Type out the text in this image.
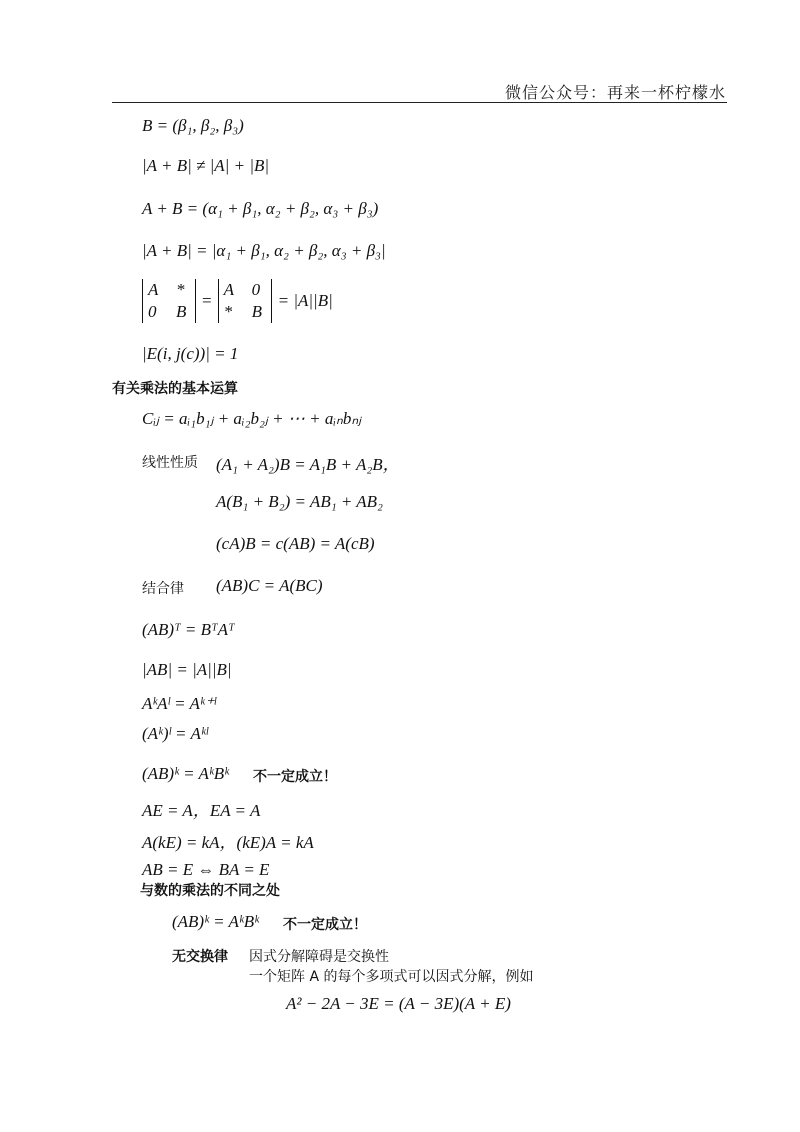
微信公众号：再来一杯柠檬水
B = (β₁, β₂, β₃)
|A + B| ≠ |A| + |B|
A + B = (α₁ + β₁, α₂ + β₂, α₃ + β₃)
|A + B| = |α₁ + β₁, α₂ + β₂, α₃ + β₃|
A *
0	B
=
A 0
*	B
= |A||B|
|E(i, j(c))| = 1
有关乘法的基本运算
Cᵢⱼ = aᵢ₁b₁ⱼ + aᵢ₂b₂ⱼ + ⋯ + aᵢₙbₙⱼ
线性性质 (A₁ + A₂)B = A₁B + A₂B，
A(B₁ + B₂) = AB₁ + AB₂
(cA)B = c(AB) = A(cB)
结合律 (AB)C = A(BC)
(AB)ᵀ = BᵀAᵀ
|AB| = |A||B|
AᵏAˡ = Aᵏ⁺ˡ
(Aᵏ)ˡ = Aᵏˡ
(AB)ᵏ = AᵏBᵏ 不一定成立！
AE = A，EA = A
A(kE) = kA，(kE)A = kA
AB = E ⇔ BA = E
与数的乘法的不同之处
(AB)ᵏ = AᵏBᵏ 不一定成立！
无交换律 因式分解障碍是交换性
一个矩阵 A 的每个多项式可以因式分解，例如
A² − 2A − 3E = (A − 3E)(A + E)
